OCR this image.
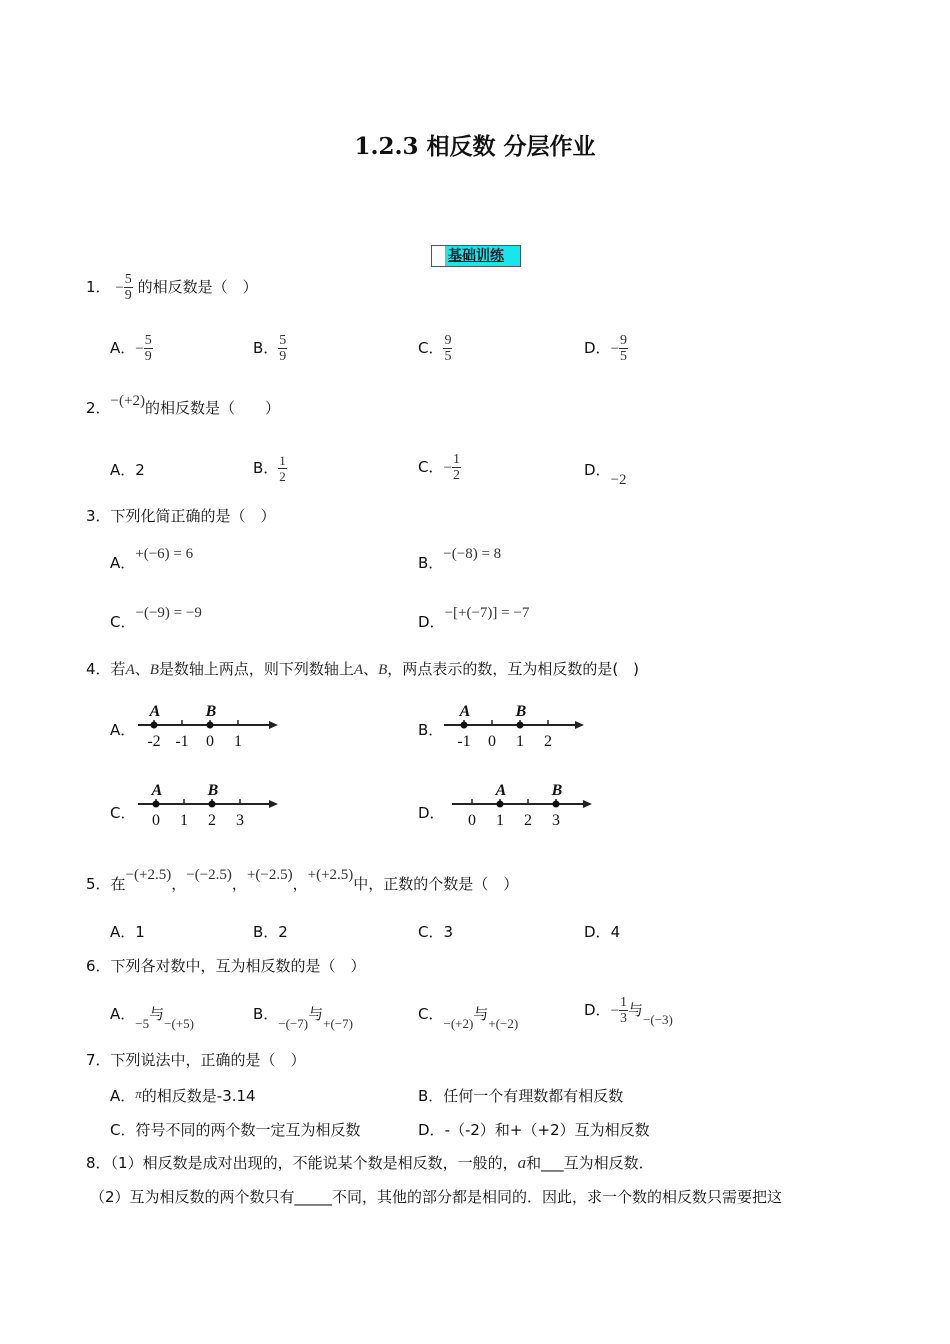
1.2.3 相反数 分层作业
基础训练
1． − $\frac{5}{9}$ 的相反数是（　）
A．− $\frac{5}{9}$	B． $\frac{5}{9}$	C． $\frac{9}{5}$	D．− $\frac{9}{5}$
2．−(+2)的相反数是（　　）
A．2	B． $\frac{1}{2}$	C．− $\frac{1}{2}$	D．−2
3．下列化简正确的是（　）
A．+(−6) = 6	B．−(−8) = 8
C．−(−9) = −9	D．−[+(−7)] = −7
4．若A、B是数轴上两点，则下列数轴上A、B，两点表示的数，互为相反数的是(　)
A．
-2
A
-1 0
B
1
B．
-1
A
0 1
B
2
C． 0
A
1 2
B
3	D． 0 1
A
2 3
B
5．在−(+2.5)，−(−2.5)，+(−2.5)，+(+2.5)中，正数的个数是（　）
A．1	B．2	C．3	D．4
6．下列各对数中，互为相反数的是（　）
A．−5与−(+5)
B．−(−7)与+(−7)
C．−(+2)与+(−2)
D．− $\frac{1}{3}$ 与−(−3)
7．下列说法中，正确的是（　）
A．π的相反数是-3.14	B．任何一个有理数都有相反数
C．符号不同的两个数一定互为相反数	D．-（-2）和+（+2）互为相反数
8．（1）相反数是成对出现的，不能说某个数是相反数，一般的，a和___互为相反数．
（2）互为相反数的两个数只有_____不同，其他的部分都是相同的．因此，求一个数的相反数只需要把这
